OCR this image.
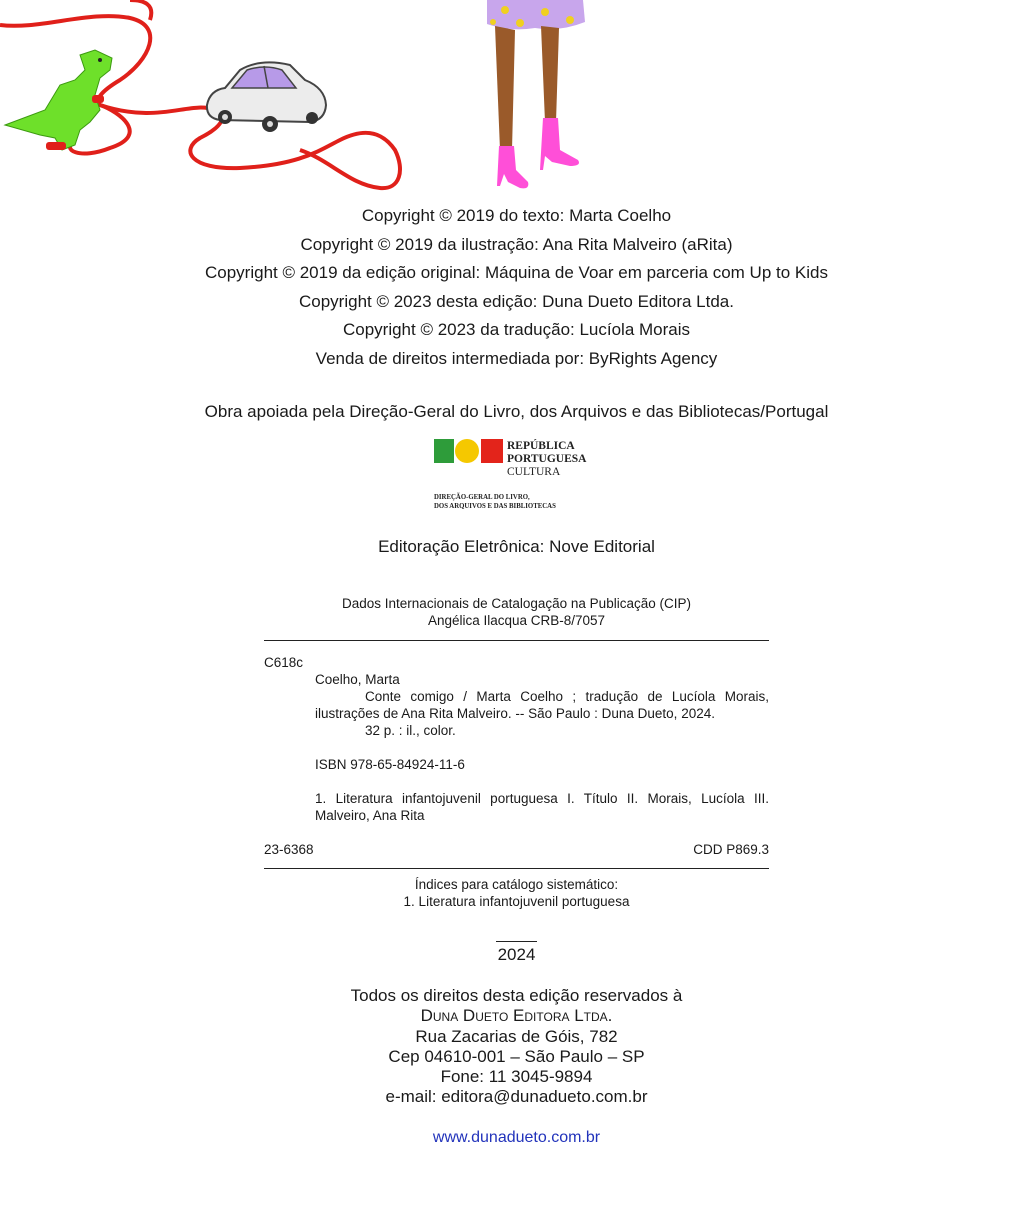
Copyright © 2019 do texto: Marta Coelho
Copyright © 2019 da ilustração: Ana Rita Malveiro (aRita)
Copyright © 2019 da edição original: Máquina de Voar em parceria com Up to Kids
Copyright © 2023 desta edição: Duna Dueto Editora Ltda.
Copyright © 2023 da tradução: Lucíola Morais
Venda de direitos intermediada por: ByRights Agency
Obra apoiada pela Direção-Geral do Livro, dos Arquivos e das Bibliotecas/Portugal
REPÚBLICA
PORTUGUESA
CULTURA
DIREÇÃO-GERAL DO LIVRO,
DOS ARQUIVOS E DAS BIBLIOTECAS
Editoração Eletrônica: Nove Editorial
Dados Internacionais de Catalogação na Publicação (CIP)
Angélica Ilacqua CRB-8/7057
C618c
Coelho, Marta
Conte comigo / Marta Coelho ; tradução de Lucíola Morais, ilustrações de Ana Rita Malveiro. -- São Paulo : Duna Dueto, 2024.
32 p. : il., color.
ISBN 978-65-84924-11-6
1. Literatura infantojuvenil portuguesa I. Título II. Morais, Lucíola III. Malveiro, Ana Rita
23-6368	CDD P869.3
Índices para catálogo sistemático:
1. Literatura infantojuvenil portuguesa
2024
Todos os direitos desta edição reservados à
Duna Dueto Editora Ltda.
Rua Zacarias de Góis, 782
Cep 04610-001 – São Paulo – SP
Fone: 11 3045-9894
e-mail: editora@dunadueto.com.br
www.dunadueto.com.br
